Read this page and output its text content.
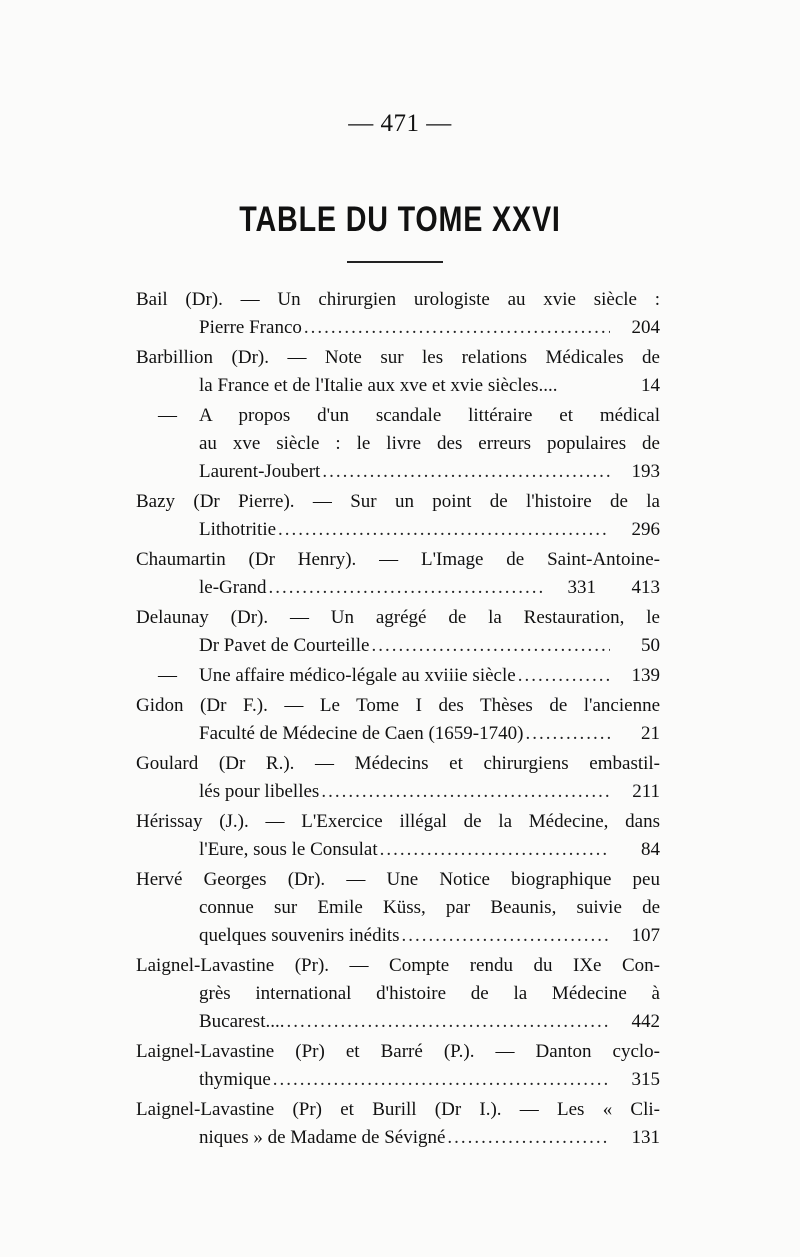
— 471 —
TABLE DU TOME XXVI
Bail (Dr). — Un chirurgien urologiste au xvie siècle :
Pierre Franco .....	204
Barbillion (Dr). — Note sur les relations Médicales de
la France et de l'Italie aux xve et xvie siècles....	14
—	A propos d'un scandale littéraire et médical
au xve siècle : le livre des erreurs populaires de
Laurent-Joubert .....	193
Bazy (Dr Pierre). — Sur un point de l'histoire de la
Lithotritie .....	296
Chaumartin (Dr Henry). — L'Image de Saint-Antoine-
le-Grand .....	331	413
Delaunay (Dr). — Un agrégé de la Restauration, le
Dr Pavet de Courteille .....	50
—	Une affaire médico-légale au xviiie siècle .....	139
Gidon (Dr F.). — Le Tome I des Thèses de l'ancienne
Faculté de Médecine de Caen (1659-1740) .....	21
Goulard (Dr R.). — Médecins et chirurgiens embastil-
lés pour libelles .....	211
Hérissay (J.). — L'Exercice illégal de la Médecine, dans
l'Eure, sous le Consulat .....	84
Hervé Georges (Dr). — Une Notice biographique peu
connue sur Emile Küss, par Beaunis, suivie de
quelques souvenirs inédits .....	107
Laignel-Lavastine (Pr). — Compte rendu du IXe Con-
grès international d'histoire de la Médecine à
Bucarest.... .....	442
Laignel-Lavastine (Pr) et Barré (P.). — Danton cyclo-
thymique .....	315
Laignel-Lavastine (Pr) et Burill (Dr I.). — Les « Cli-
niques » de Madame de Sévigné .....	131
